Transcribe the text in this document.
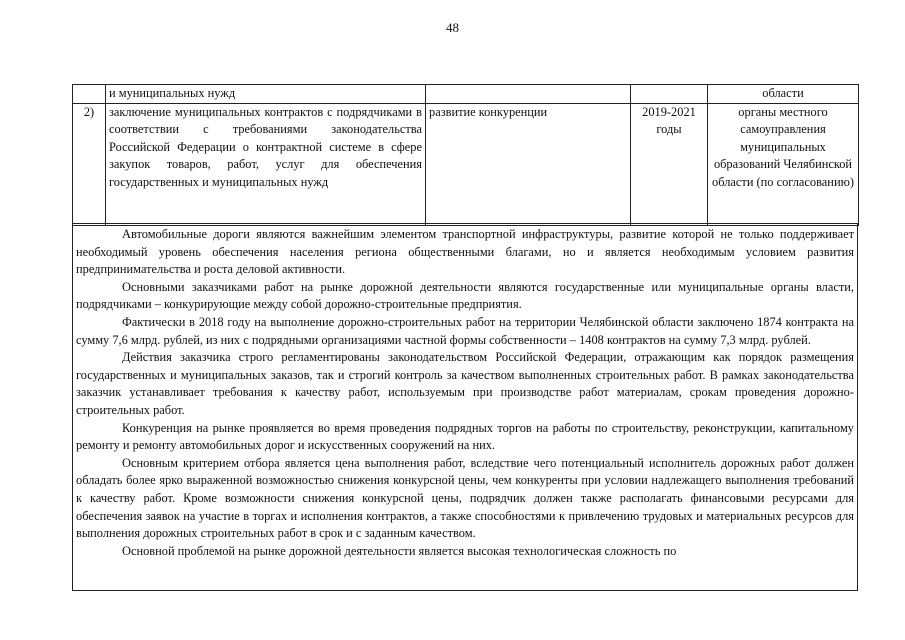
48
	и муниципальных нужд			области
2)	заключение муниципальных контрактов с подрядчиками в соответствии с требованиями законодательства Российской Федерации о контрактной системе в сфере закупок товаров, работ, услуг для обеспечения государственных и муниципальных нужд	развитие конкуренции	2019-2021 годы	органы местного самоуправления муниципальных образований Челябинской области (по согласованию)

Автомобильные дороги являются важнейшим элементом транспортной инфраструктуры, развитие которой не только поддерживает необходимый уровень обеспечения населения региона общественными благами, но и является необходимым условием развития предпринимательства и роста деловой активности.

Основными заказчиками работ на рынке дорожной деятельности являются государственные или муниципальные органы власти, подрядчиками – конкурирующие между собой дорожно-строительные предприятия.

Фактически в 2018 году на выполнение дорожно-строительных работ на территории Челябинской области заключено 1874 контракта на сумму 7,6 млрд. рублей, из них с подрядными организациями частной формы собственности – 1408 контрактов на сумму 7,3 млрд. рублей.

Действия заказчика строго регламентированы законодательством Российской Федерации, отражающим как порядок размещения государственных и муниципальных заказов, так и строгий контроль за качеством выполненных строительных работ. В рамках законодательства заказчик устанавливает требования к качеству работ, используемым при производстве работ материалам, срокам проведения дорожно-строительных работ.

Конкуренция на рынке проявляется во время проведения подрядных торгов на работы по строительству, реконструкции, капитальному ремонту и ремонту автомобильных дорог и искусственных сооружений на них.

Основным критерием отбора является цена выполнения работ, вследствие чего потенциальный исполнитель дорожных работ должен обладать более ярко выраженной возможностью снижения конкурсной цены, чем конкуренты при условии надлежащего выполнения требований к качеству работ. Кроме возможности снижения конкурсной цены, подрядчик должен также располагать финансовыми ресурсами для обеспечения заявок на участие в торгах и исполнения контрактов, а также способностями к привлечению трудовых и материальных ресурсов для выполнения дорожных строительных работ в срок и с заданным качеством.

Основной проблемой на рынке дорожной деятельности является высокая технологическая сложность по
